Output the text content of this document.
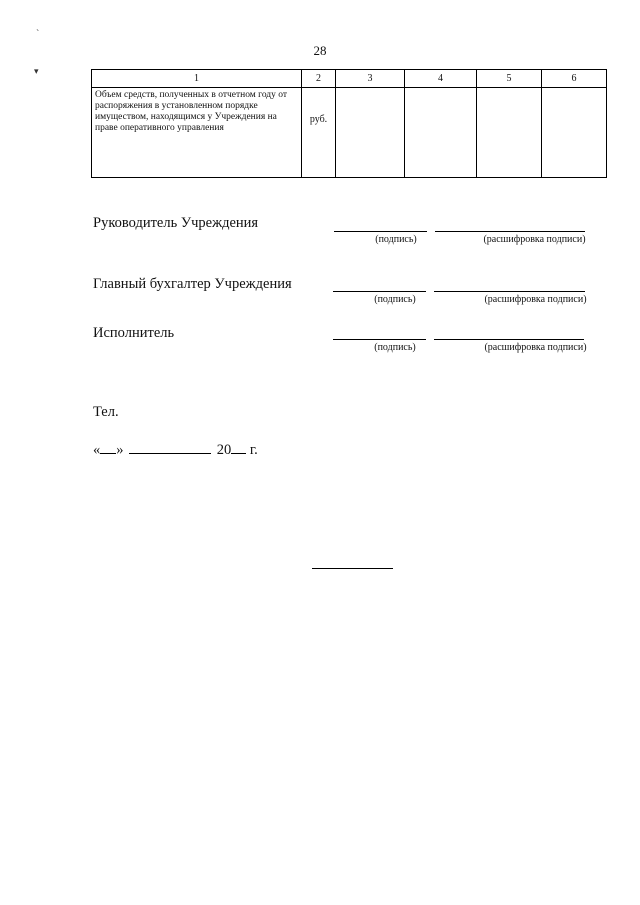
`
▾
28
1	2	3	4	5	6
Объем средств, полученных в отчетном году от распоряжения в установленном порядке имуществом, находящимся у Учреждения на праве оперативного управления	руб.				
Руководитель Учреждения
(подпись)	(расшифровка подписи)
Главный бухгалтер Учреждения
(подпись)	(расшифровка подписи)
Исполнитель
(подпись)	(расшифровка подписи)
Тел.
« »	20 г.
